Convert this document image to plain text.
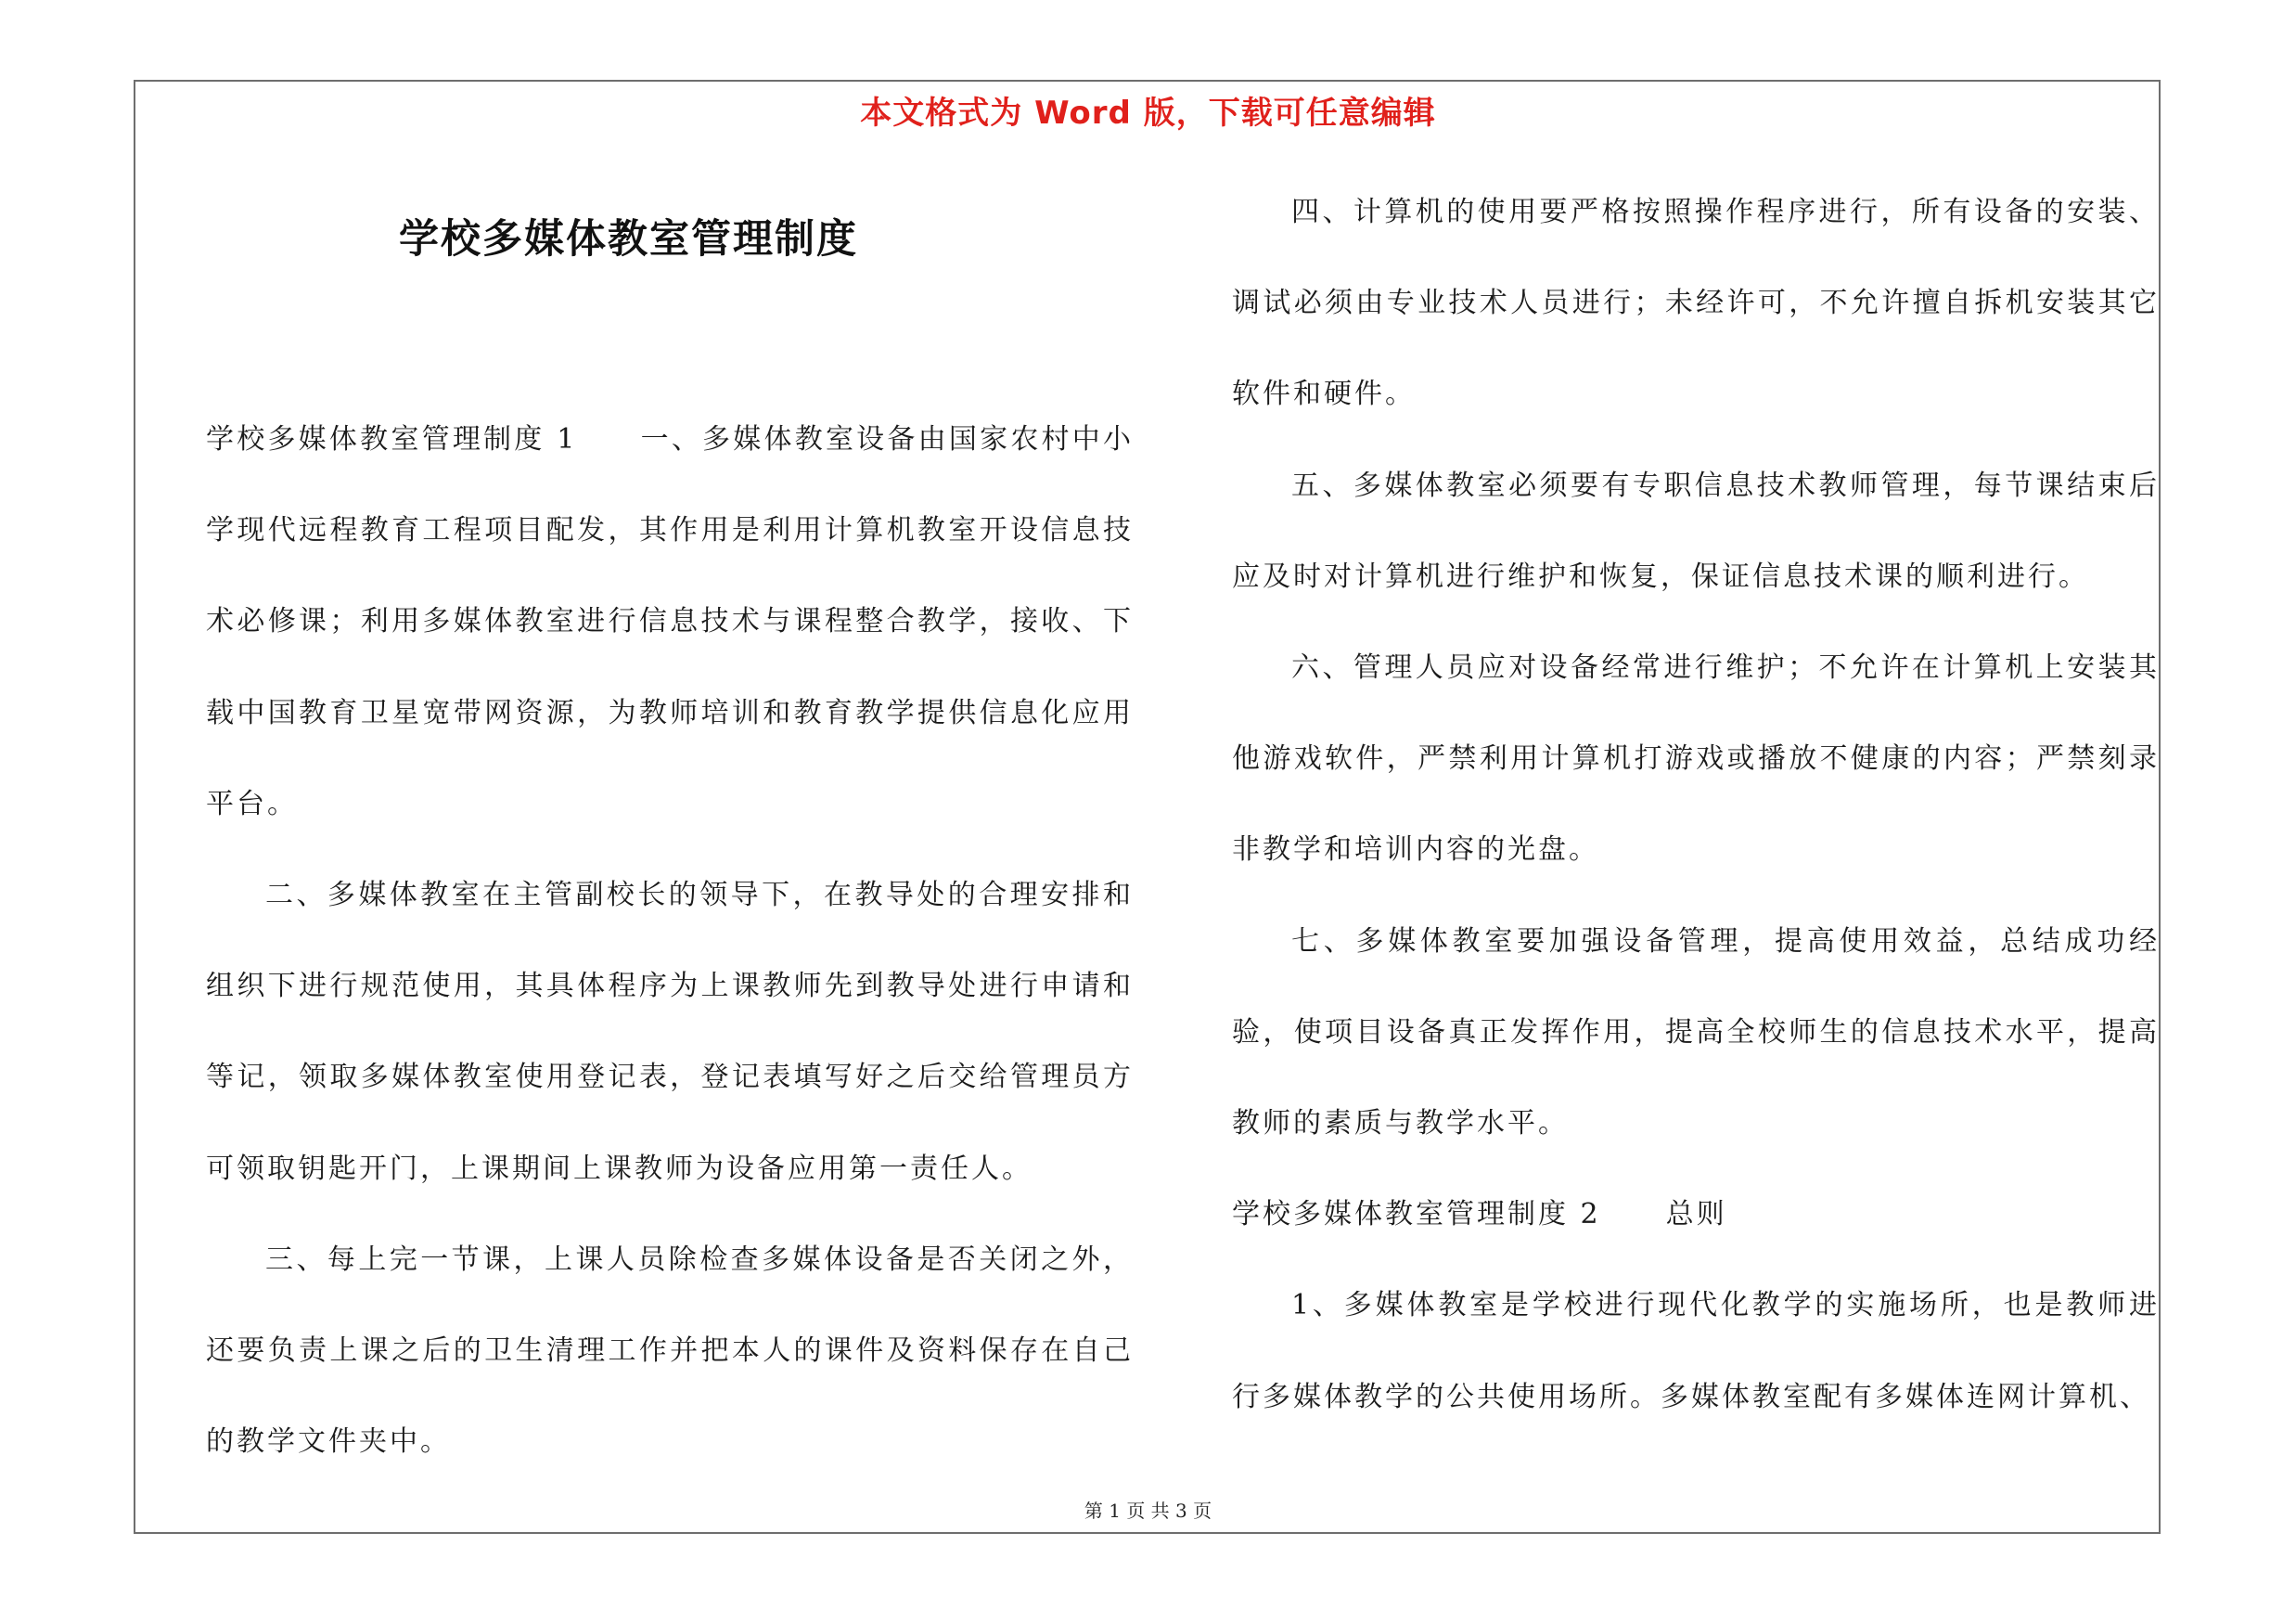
本文格式为 Word 版，下载可任意编辑
学校多媒体教室管理制度

学校多媒体教室管理制度 1 一、多媒体教室设备由国家农村中小学现代远程教育工程项目配发，其作用是利用计算机教室开设信息技术必修课；利用多媒体教室进行信息技术与课程整合教学，接收、下载中国教育卫星宽带网资源，为教师培训和教育教学提供信息化应用平台。

二、多媒体教室在主管副校长的领导下，在教导处的合理安排和组织下进行规范使用，其具体程序为上课教师先到教导处进行申请和等记，领取多媒体教室使用登记表，登记表填写好之后交给管理员方可领取钥匙开门，上课期间上课教师为设备应用第一责任人。

三、每上完一节课，上课人员除检查多媒体设备是否关闭之外，还要负责上课之后的卫生清理工作并把本人的课件及资料保存在自己的教学文件夹中。

四、计算机的使用要严格按照操作程序进行，所有设备的安装、调试必须由专业技术人员进行；未经许可，不允许擅自拆机安装其它软件和硬件。

五、多媒体教室必须要有专职信息技术教师管理，每节课结束后应及时对计算机进行维护和恢复，保证信息技术课的顺利进行。

六、管理人员应对设备经常进行维护；不允许在计算机上安装其他游戏软件，严禁利用计算机打游戏或播放不健康的内容；严禁刻录非教学和培训内容的光盘。

七、多媒体教室要加强设备管理，提高使用效益，总结成功经验，使项目设备真正发挥作用，提高全校师生的信息技术水平，提高教师的素质与教学水平。

学校多媒体教室管理制度 2 总则

1、多媒体教室是学校进行现代化教学的实施场所，也是教师进行多媒体教学的公共使用场所。多媒体教室配有多媒体连网计算机、

第 1 页 共 3 页
